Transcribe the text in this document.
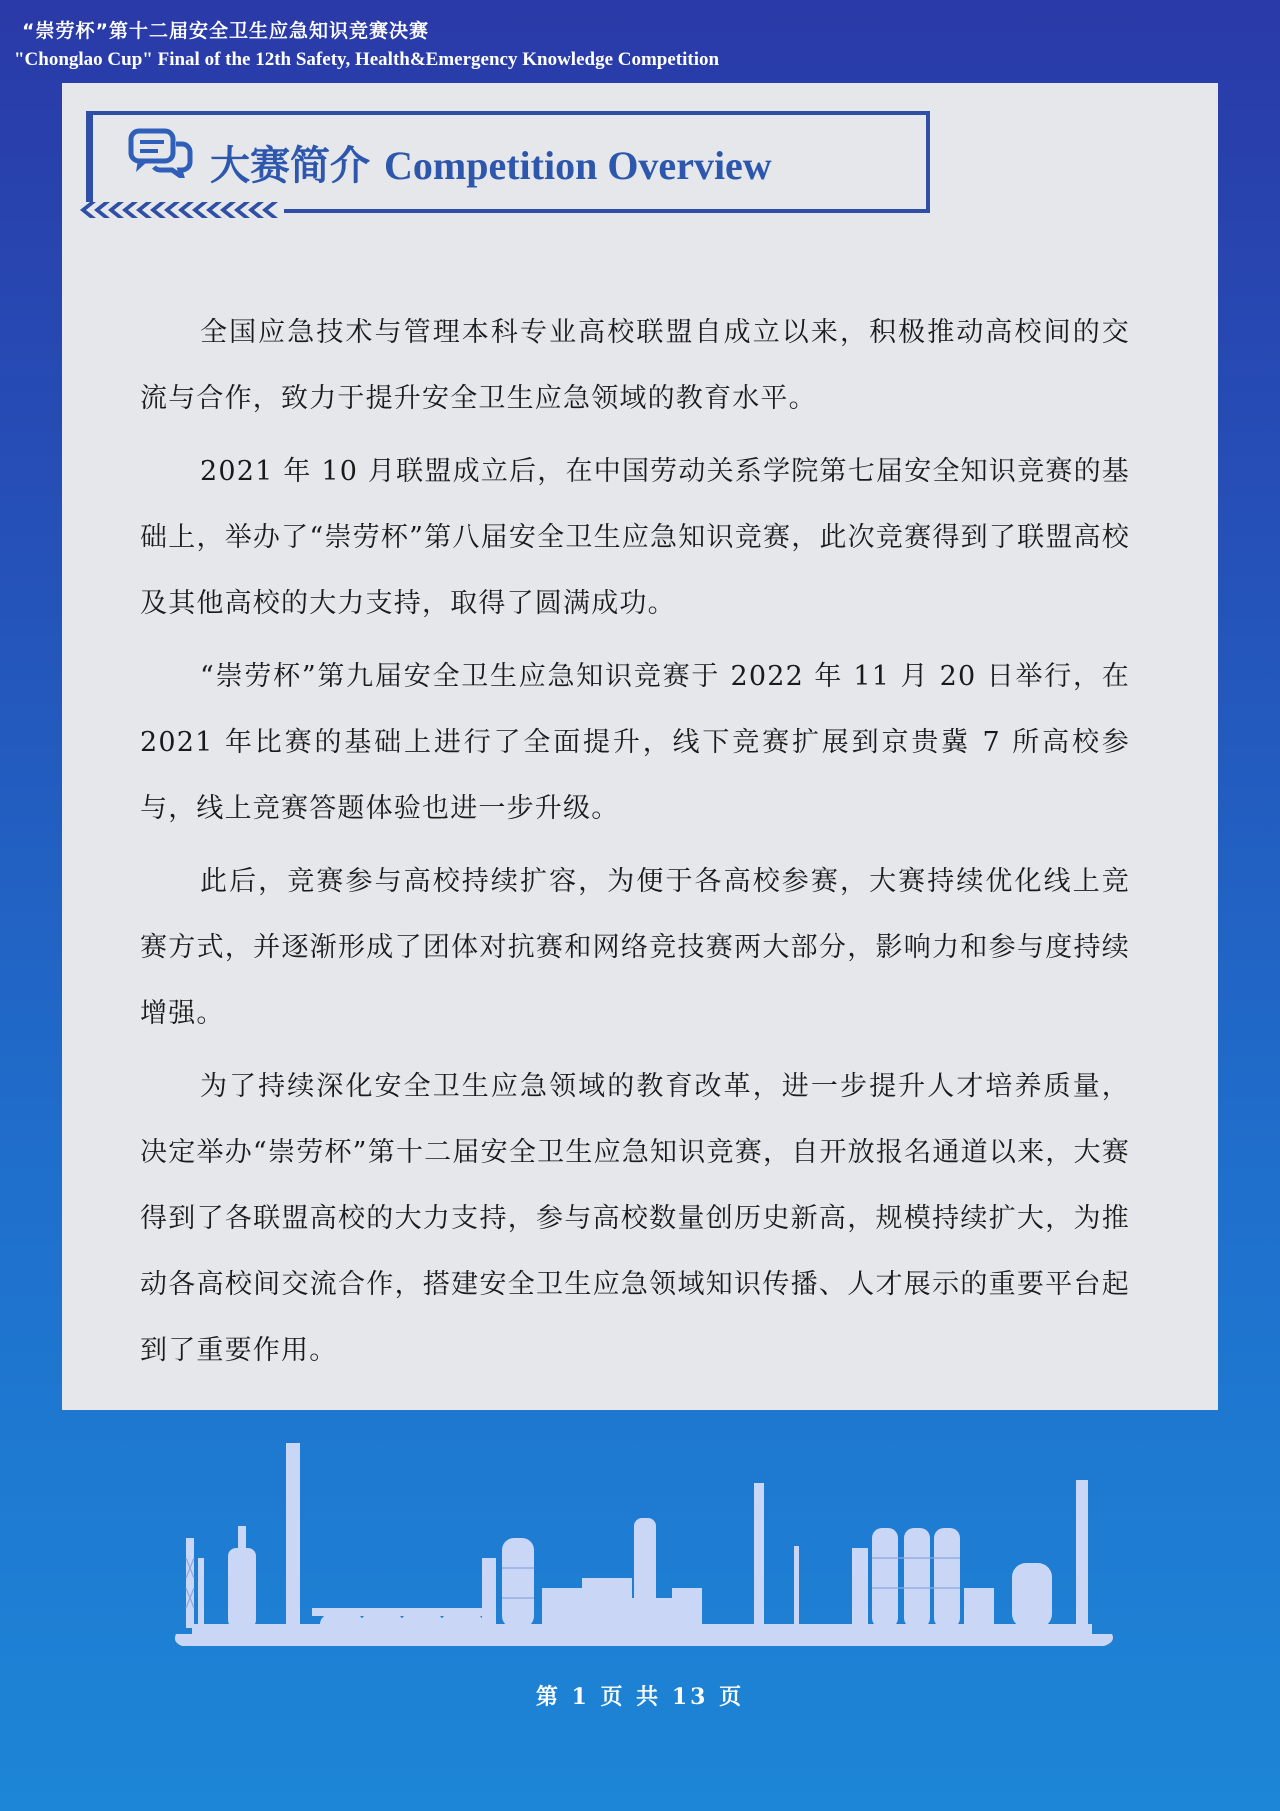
“崇劳杯”第十二届安全卫生应急知识竞赛决赛
"Chonglao Cup" Final of the 12th Safety, Health&Emergency Knowledge Competition
大赛简介 Competition Overview

全国应急技术与管理本科专业高校联盟自成立以来，积极推动高校间的交流与合作，致力于提升安全卫生应急领域的教育水平。

2021 年 10 月联盟成立后，在中国劳动关系学院第七届安全知识竞赛的基础上，举办了“崇劳杯”第八届安全卫生应急知识竞赛，此次竞赛得到了联盟高校及其他高校的大力支持，取得了圆满成功。

“崇劳杯”第九届安全卫生应急知识竞赛于 2022 年 11 月 20 日举行，在 2021 年比赛的基础上进行了全面提升，线下竞赛扩展到京贵冀 7 所高校参与，线上竞赛答题体验也进一步升级。

此后，竞赛参与高校持续扩容，为便于各高校参赛，大赛持续优化线上竞赛方式，并逐渐形成了团体对抗赛和网络竞技赛两大部分，影响力和参与度持续增强。

为了持续深化安全卫生应急领域的教育改革，进一步提升人才培养质量，决定举办“崇劳杯”第十二届安全卫生应急知识竞赛，自开放报名通道以来，大赛得到了各联盟高校的大力支持，参与高校数量创历史新高，规模持续扩大，为推动各高校间交流合作，搭建安全卫生应急领域知识传播、人才展示的重要平台起到了重要作用。

第 1 页 共 13 页
